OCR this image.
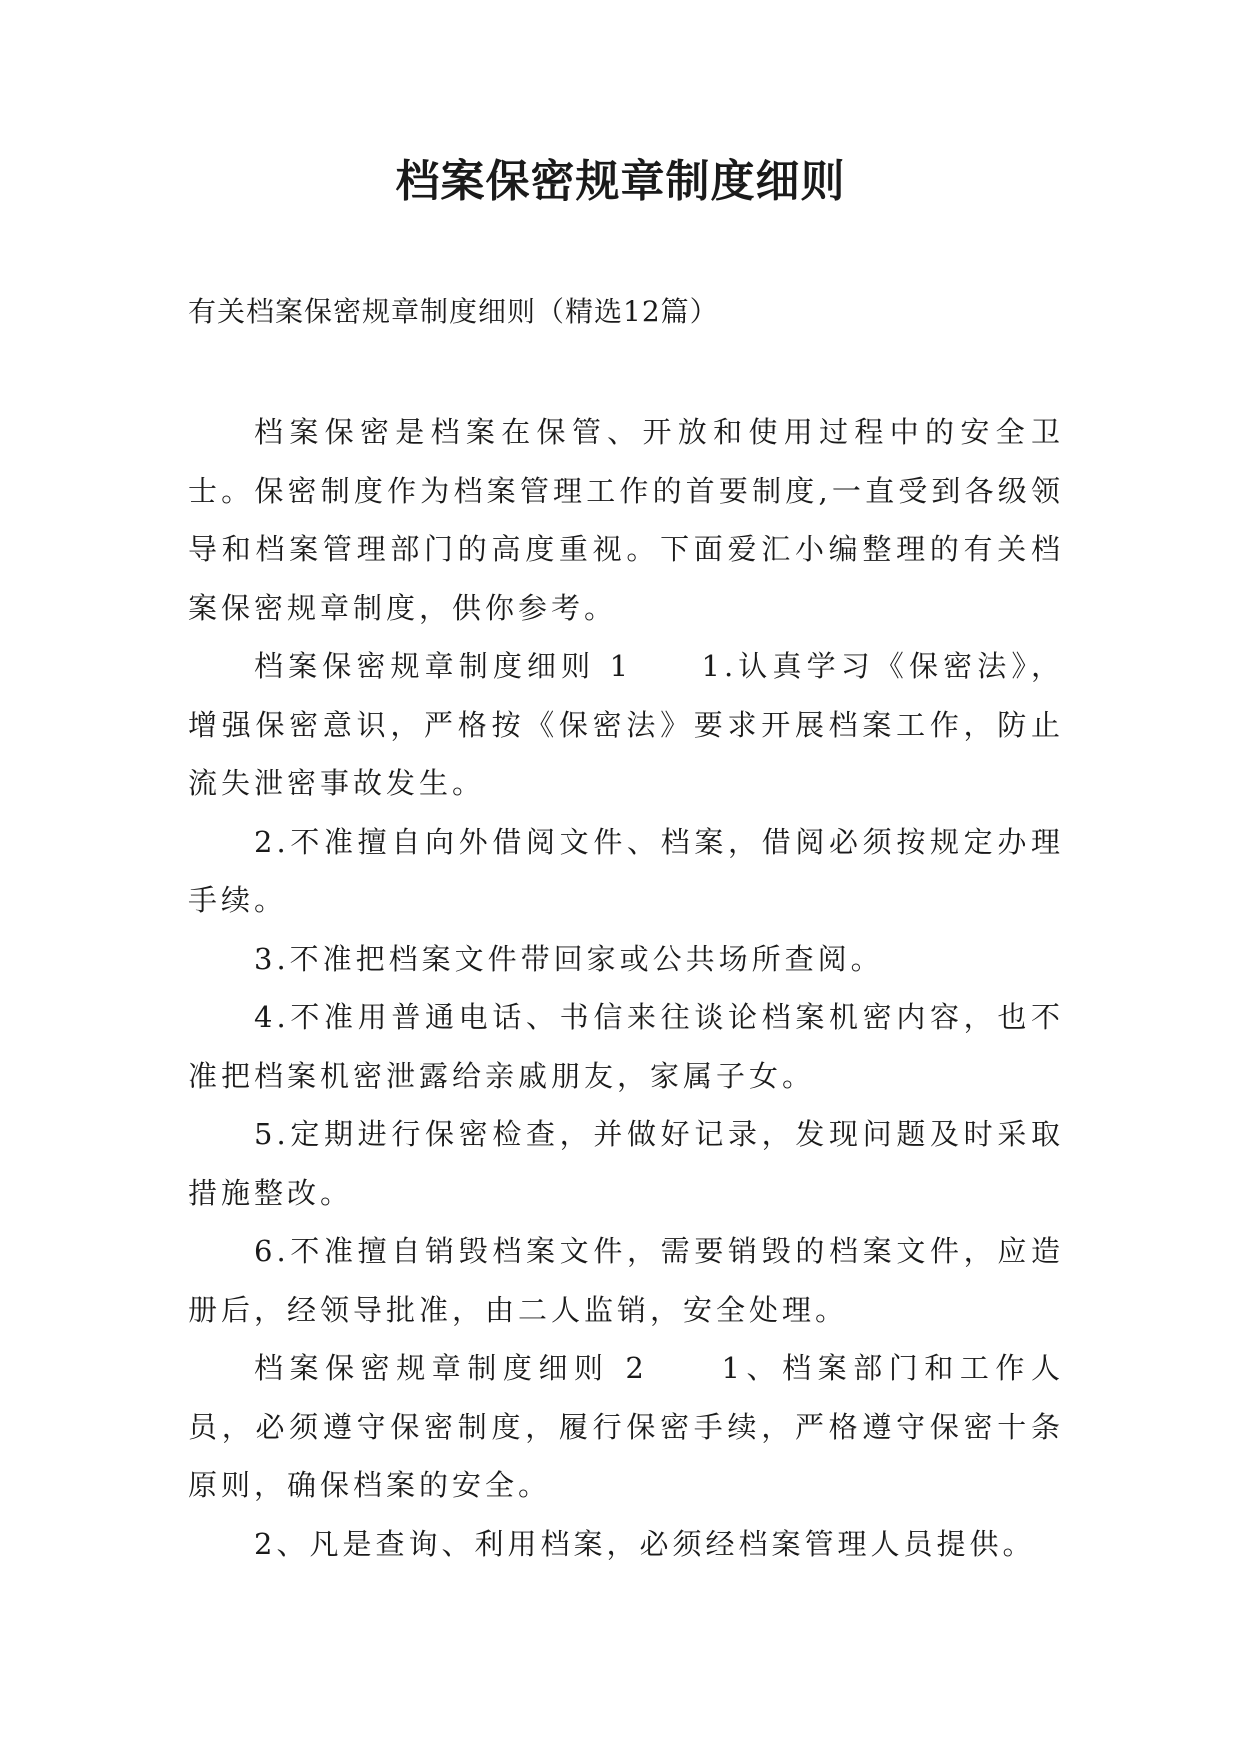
档案保密规章制度细则
有关档案保密规章制度细则（精选12篇）

档案保密是档案在保管、开放和使用过程中的安全卫士。保密制度作为档案管理工作的首要制度,一直受到各级领导和档案管理部门的高度重视。下面爱汇小编整理的有关档案保密规章制度，供你参考。

档案保密规章制度细则 1　　1.认真学习《保密法》，增强保密意识，严格按《保密法》要求开展档案工作，防止流失泄密事故发生。

2.不准擅自向外借阅文件、档案，借阅必须按规定办理手续。

3.不准把档案文件带回家或公共场所查阅。

4.不准用普通电话、书信来往谈论档案机密内容，也不准把档案机密泄露给亲戚朋友，家属子女。

5.定期进行保密检查，并做好记录，发现问题及时采取措施整改。

6.不准擅自销毁档案文件，需要销毁的档案文件，应造册后，经领导批准，由二人监销，安全处理。

档案保密规章制度细则 2　　1、档案部门和工作人员，必须遵守保密制度，履行保密手续，严格遵守保密十条原则，确保档案的安全。

2、凡是查询、利用档案，必须经档案管理人员提供。
